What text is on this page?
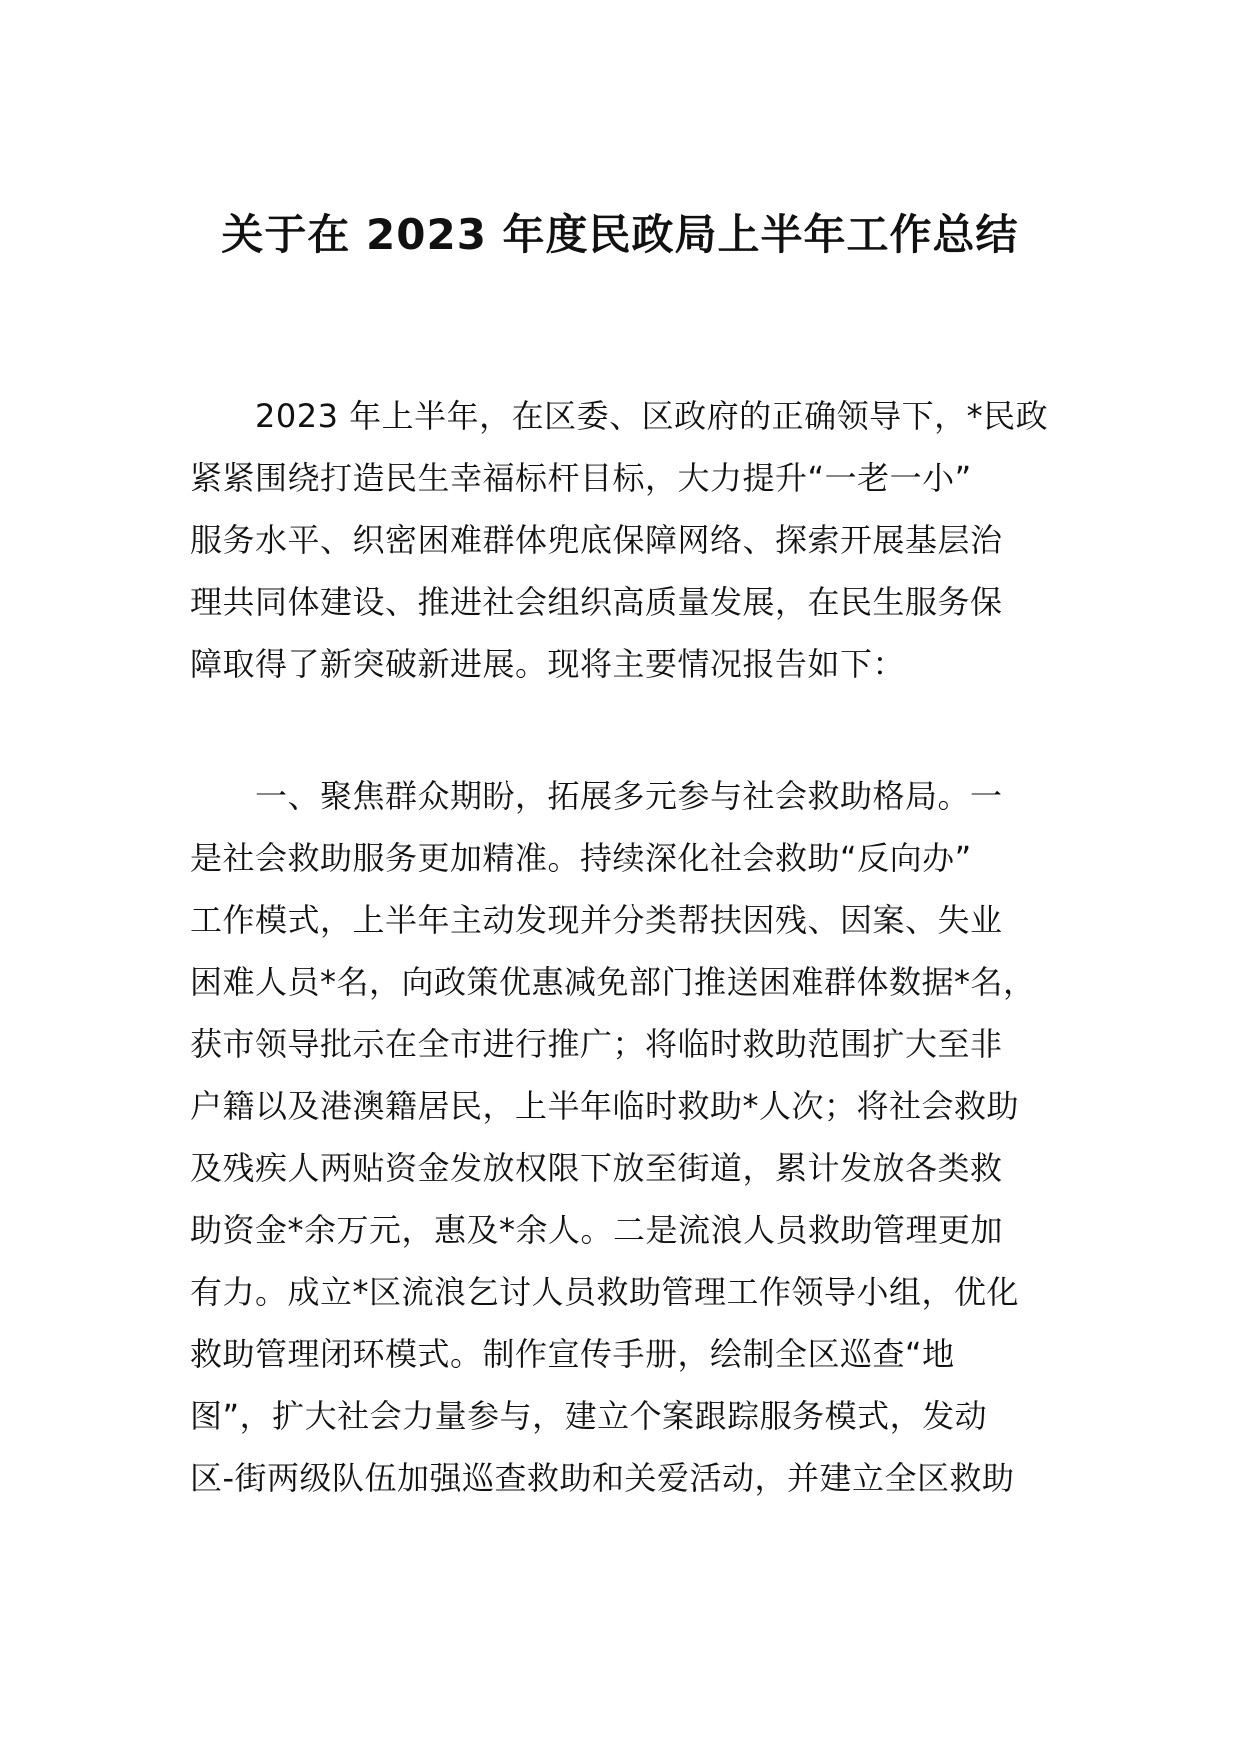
关于在 2023 年度民政局上半年工作总结
　　2023 年上半年，在区委、区政府的正确领导下，*民政
紧紧围绕打造民生幸福标杆目标，大力提升“一老一小”
服务水平、织密困难群体兜底保障网络、探索开展基层治
理共同体建设、推进社会组织高质量发展，在民生服务保
障取得了新突破新进展。现将主要情况报告如下：
　　一、聚焦群众期盼，拓展多元参与社会救助格局。一
是社会救助服务更加精准。持续深化社会救助“反向办”
工作模式，上半年主动发现并分类帮扶因残、因案、失业
困难人员*名，向政策优惠减免部门推送困难群体数据*名，
获市领导批示在全市进行推广；将临时救助范围扩大至非
户籍以及港澳籍居民，上半年临时救助*人次；将社会救助
及残疾人两贴资金发放权限下放至街道，累计发放各类救
助资金*余万元，惠及*余人。二是流浪人员救助管理更加
有力。成立*区流浪乞讨人员救助管理工作领导小组，优化
救助管理闭环模式。制作宣传手册，绘制全区巡查“地
图”，扩大社会力量参与，建立个案跟踪服务模式，发动
区-街两级队伍加强巡查救助和关爱活动，并建立全区救助
